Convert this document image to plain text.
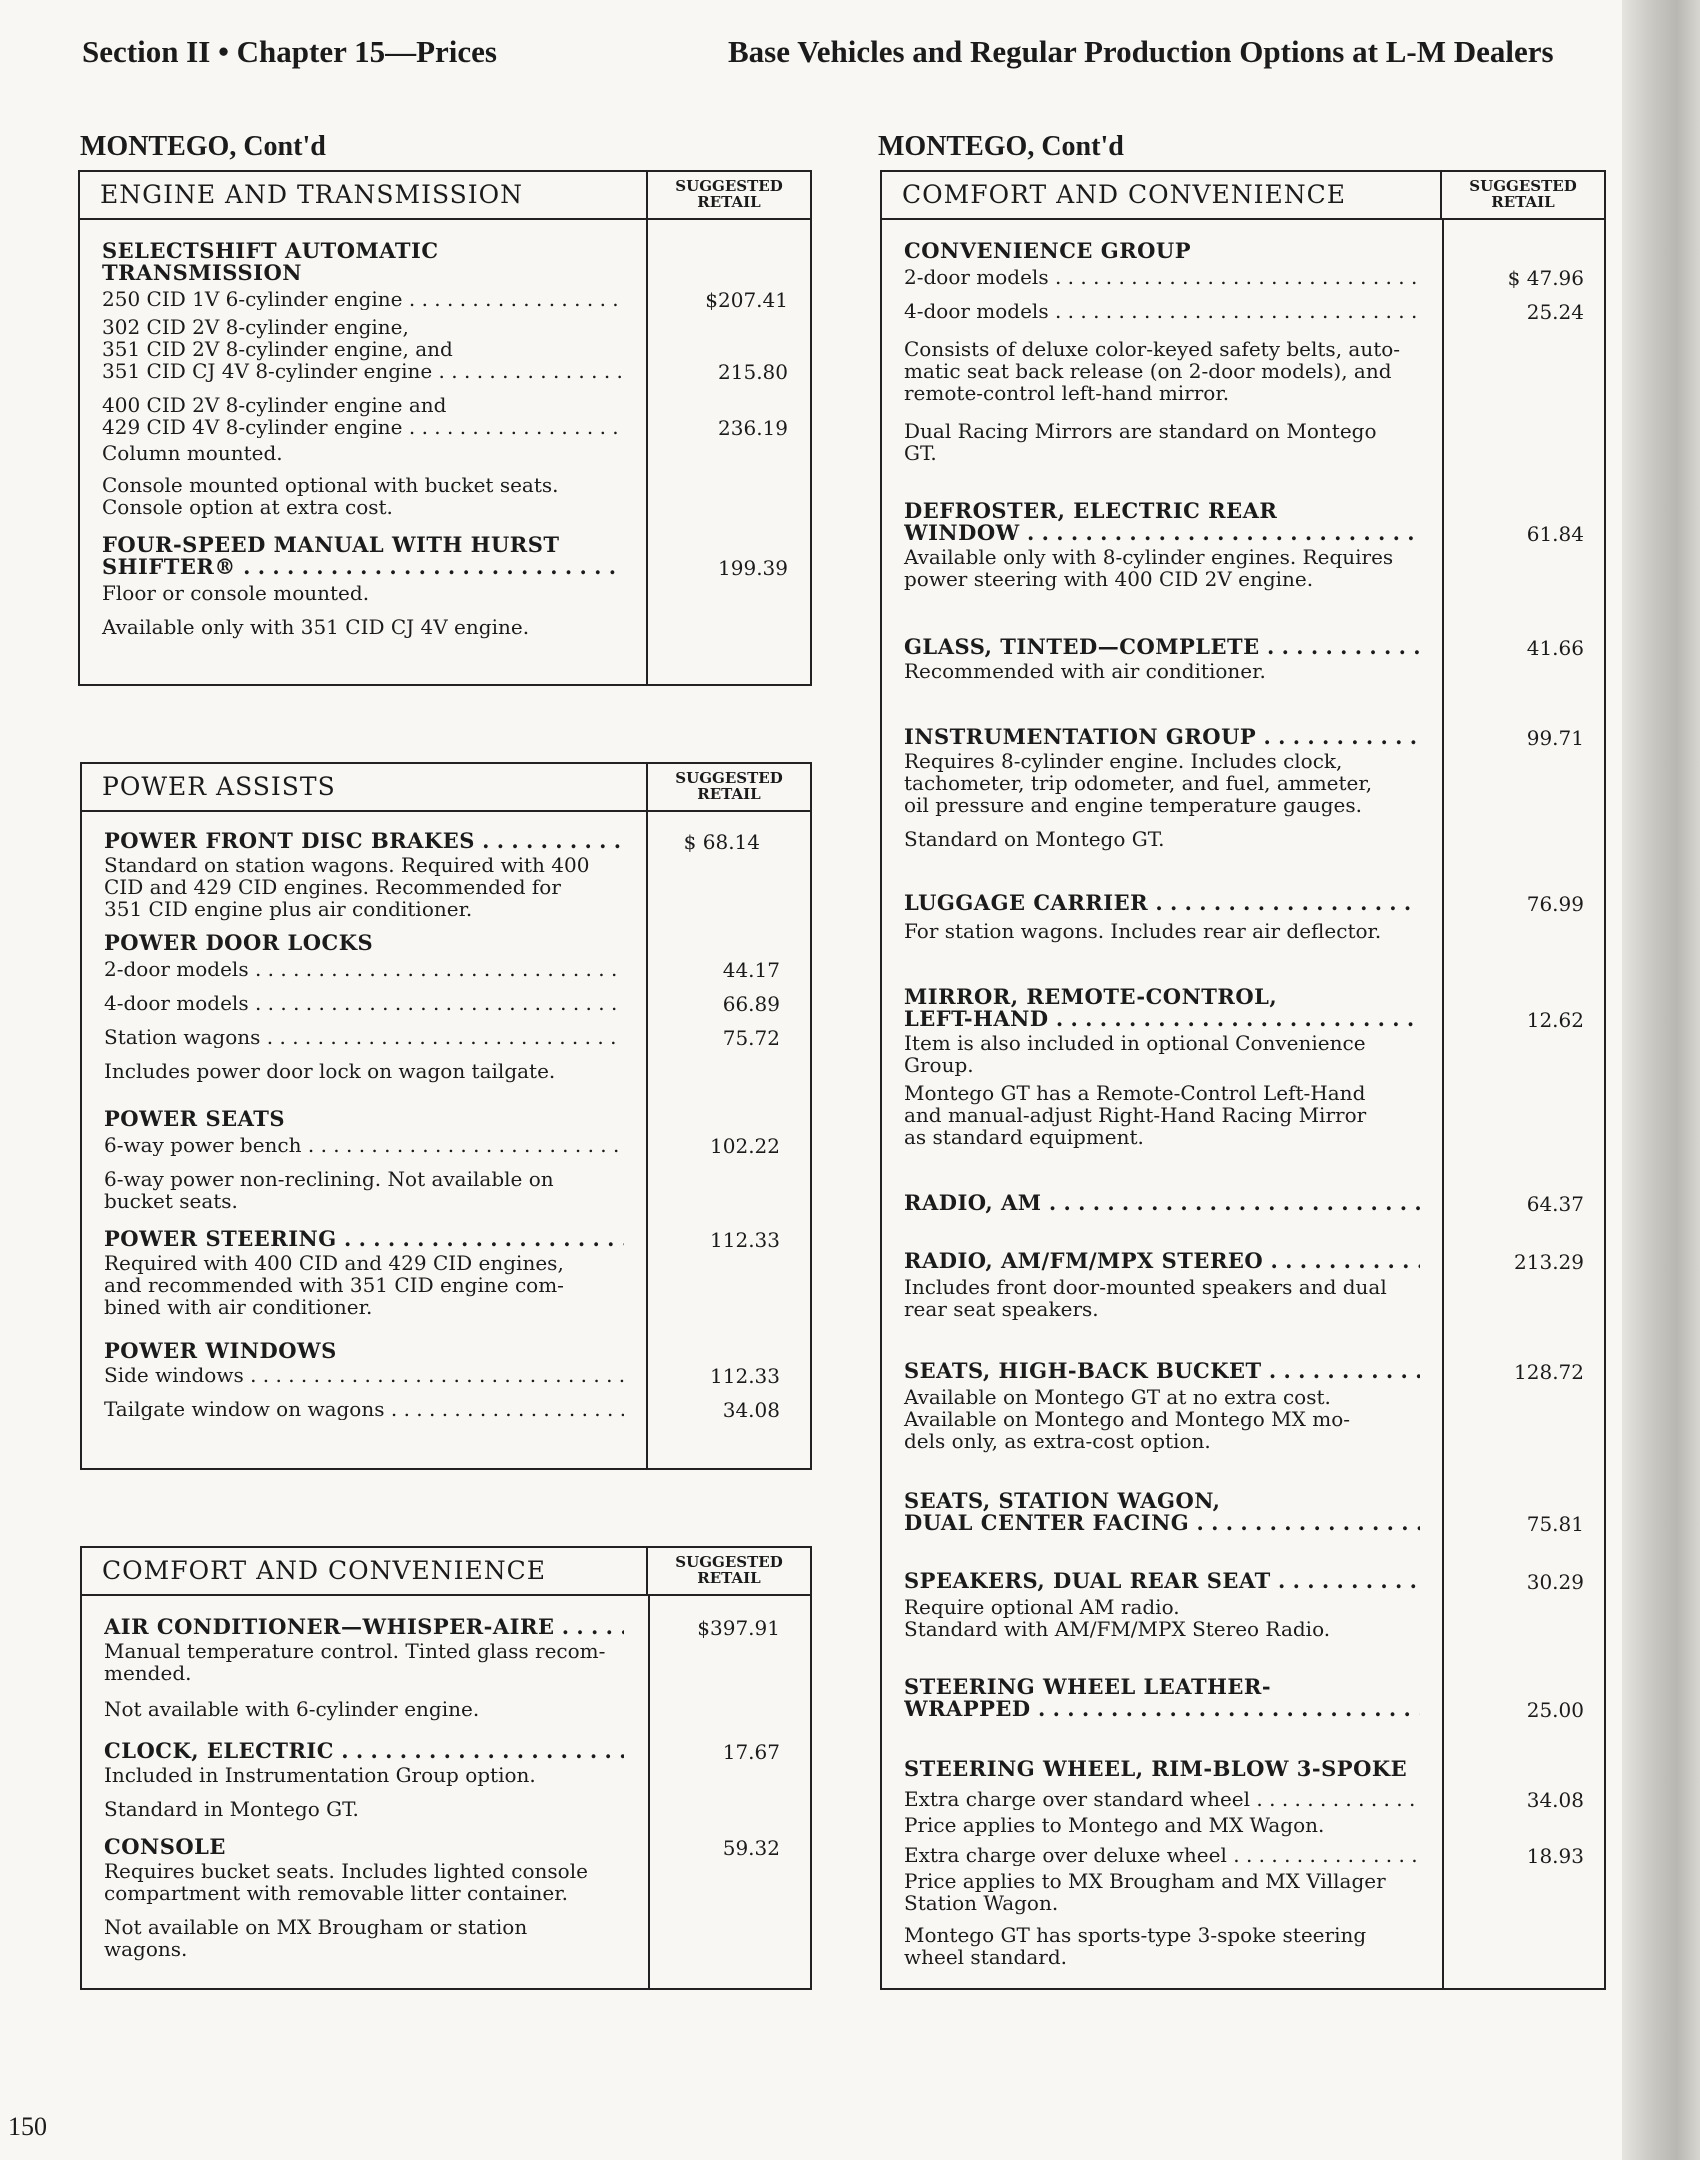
Section II • Chapter 15—Prices	Base Vehicles and Regular Production Options at L-M Dealers
MONTEGO, Cont'd	MONTEGO, Cont'd
ENGINE AND TRANSMISSION	SUGGESTED
RETAIL
SELECTSHIFT AUTOMATIC
TRANSMISSION
250 CID 1V 6-cylinder engine . . .	$207.41
302 CID 2V 8-cylinder engine,
351 CID 2V 8-cylinder engine, and
351 CID CJ 4V 8-cylinder engine . . .	215.80
400 CID 2V 8-cylinder engine and
429 CID 4V 8-cylinder engine . . .	236.19
Column mounted.
Console mounted optional with bucket seats.
Console option at extra cost.
FOUR-SPEED MANUAL WITH HURST
SHIFTER® . . .	199.39
Floor or console mounted.
Available only with 351 CID CJ 4V engine.
POWER ASSISTS	SUGGESTED
RETAIL
POWER FRONT DISC BRAKES . . .	$ 68.14
Standard on station wagons. Required with 400
CID and 429 CID engines. Recommended for
351 CID engine plus air conditioner.
POWER DOOR LOCKS
2-door models . . .	44.17
4-door models . . .	66.89
Station wagons . . .	75.72
Includes power door lock on wagon tailgate.
POWER SEATS
6-way power bench . . .	102.22
6-way power non-reclining. Not available on
bucket seats.
POWER STEERING . . .	112.33
Required with 400 CID and 429 CID engines,
and recommended with 351 CID engine com-
bined with air conditioner.
POWER WINDOWS
Side windows . . .	112.33
Tailgate window on wagons . . .	34.08
COMFORT AND CONVENIENCE	SUGGESTED
RETAIL
AIR CONDITIONER—WHISPER-AIRE . . .	$397.91
Manual temperature control. Tinted glass recom-
mended.
Not available with 6-cylinder engine.
CLOCK, ELECTRIC . . .	17.67
Included in Instrumentation Group option.
Standard in Montego GT.
CONSOLE	59.32
Requires bucket seats. Includes lighted console
compartment with removable litter container.
Not available on MX Brougham or station
wagons.
COMFORT AND CONVENIENCE	SUGGESTED
RETAIL
CONVENIENCE GROUP
2-door models . . .	$ 47.96
4-door models . . .	25.24
Consists of deluxe color-keyed safety belts, auto-
matic seat back release (on 2-door models), and
remote-control left-hand mirror.
Dual Racing Mirrors are standard on Montego
GT.
DEFROSTER, ELECTRIC REAR
WINDOW . . .	61.84
Available only with 8-cylinder engines. Requires
power steering with 400 CID 2V engine.
GLASS, TINTED—COMPLETE . . .	41.66
Recommended with air conditioner.
INSTRUMENTATION GROUP . . .	99.71
Requires 8-cylinder engine. Includes clock,
tachometer, trip odometer, and fuel, ammeter,
oil pressure and engine temperature gauges.
Standard on Montego GT.
LUGGAGE CARRIER . . .	76.99
For station wagons. Includes rear air deflector.
MIRROR, REMOTE-CONTROL,
LEFT-HAND . . .	12.62
Item is also included in optional Convenience
Group.
Montego GT has a Remote-Control Left-Hand
and manual-adjust Right-Hand Racing Mirror
as standard equipment.
RADIO, AM . . .	64.37
RADIO, AM/FM/MPX STEREO . . .	213.29
Includes front door-mounted speakers and dual
rear seat speakers.
SEATS, HIGH-BACK BUCKET . . .	128.72
Available on Montego GT at no extra cost.
Available on Montego and Montego MX mo-
dels only, as extra-cost option.
SEATS, STATION WAGON,
DUAL CENTER FACING . . .	75.81
SPEAKERS, DUAL REAR SEAT . . .	30.29
Require optional AM radio.
Standard with AM/FM/MPX Stereo Radio.
STEERING WHEEL LEATHER-
WRAPPED . . .	25.00
STEERING WHEEL, RIM-BLOW 3-SPOKE
Extra charge over standard wheel . . .	34.08
Price applies to Montego and MX Wagon.
Extra charge over deluxe wheel . . .	18.93
Price applies to MX Brougham and MX Villager
Station Wagon.
Montego GT has sports-type 3-spoke steering
wheel standard.
150
